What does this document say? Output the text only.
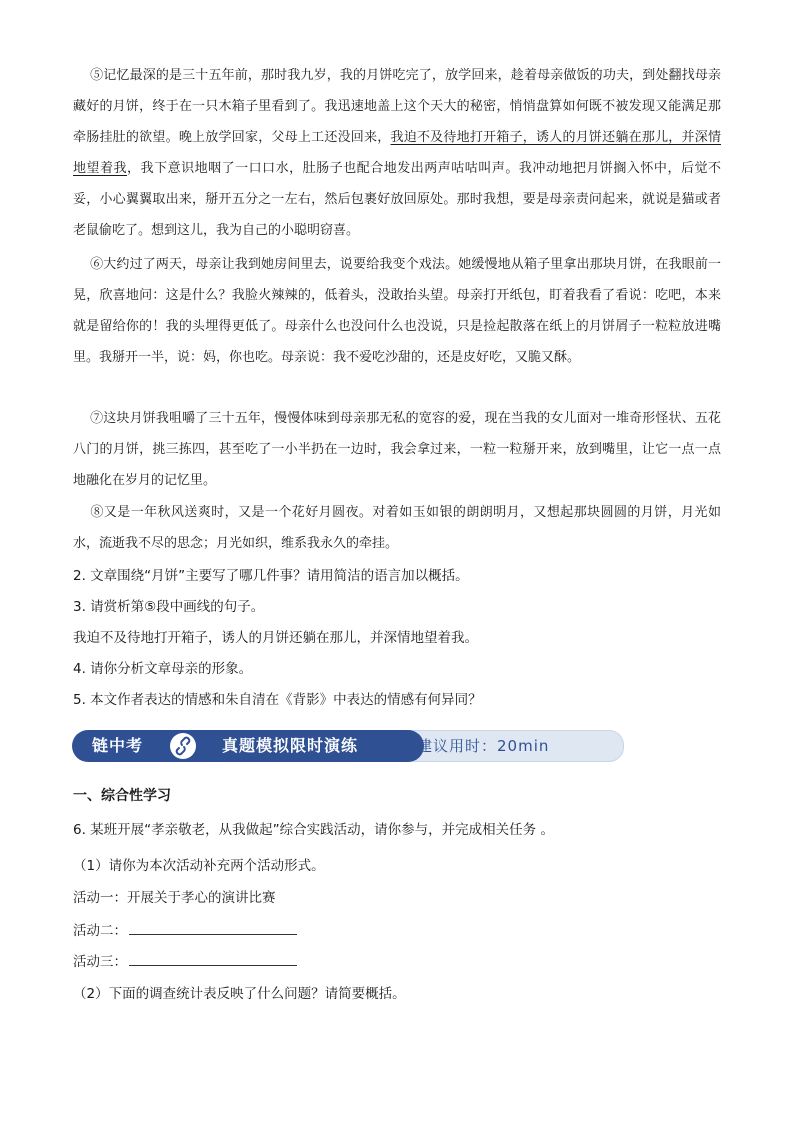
⑤记忆最深的是三十五年前，那时我九岁，我的月饼吃完了，放学回来，趁着母亲做饭的功夫，到处翻找母亲藏好的月饼，终于在一只木箱子里看到了。我迅速地盖上这个天大的秘密，悄悄盘算如何既不被发现又能满足那牵肠挂肚的欲望。晚上放学回家，父母上工还没回来，我迫不及待地打开箱子，诱人的月饼还躺在那儿，并深情地望着我，我下意识地咽了一口口水，肚肠子也配合地发出两声咕咕叫声。我冲动地把月饼搁入怀中，后觉不妥，小心翼翼取出来，掰开五分之一左右，然后包裹好放回原处。那时我想，要是母亲责问起来，就说是猫或者老鼠偷吃了。想到这儿，我为自己的小聪明窃喜。

⑥大约过了两天，母亲让我到她房间里去，说要给我变个戏法。她缓慢地从箱子里拿出那块月饼，在我眼前一晃，欣喜地问：这是什么？我脸火辣辣的，低着头，没敢抬头望。母亲打开纸包，盯着我看了看说：吃吧，本来就是留给你的！我的头埋得更低了。母亲什么也没问什么也没说，只是捡起散落在纸上的月饼屑子一粒粒放进嘴里。我掰开一半，说：妈，你也吃。母亲说：我不爱吃沙甜的，还是皮好吃，又脆又酥。

⑦这块月饼我咀嚼了三十五年，慢慢体味到母亲那无私的宽容的爱，现在当我的女儿面对一堆奇形怪状、五花八门的月饼，挑三拣四，甚至吃了一小半扔在一边时，我会拿过来，一粒一粒掰开来，放到嘴里，让它一点一点地融化在岁月的记忆里。

⑧又是一年秋风送爽时，又是一个花好月圆夜。对着如玉如银的朗朗明月，又想起那块圆圆的月饼，月光如水，流逝我不尽的思念；月光如织，维系我永久的牵挂。

2. 文章围绕“月饼”主要写了哪几件事？请用简洁的语言加以概括。

3. 请赏析第⑤段中画线的句子。

我迫不及待地打开箱子，诱人的月饼还躺在那儿，并深情地望着我。

4. 请你分析文章母亲的形象。

5. 本文作者表达的情感和朱自清在《背影》中表达的情感有何异同？

链中考	真题模拟限时演练	建议用时：20min

一、综合性学习

6. 某班开展“孝亲敬老，从我做起”综合实践活动，请你参与，并完成相关任务 。

（1）请你为本次活动补充两个活动形式。

活动一：开展关于孝心的演讲比赛

活动二：

活动三：

（2）下面的调查统计表反映了什么问题？请简要概括。
